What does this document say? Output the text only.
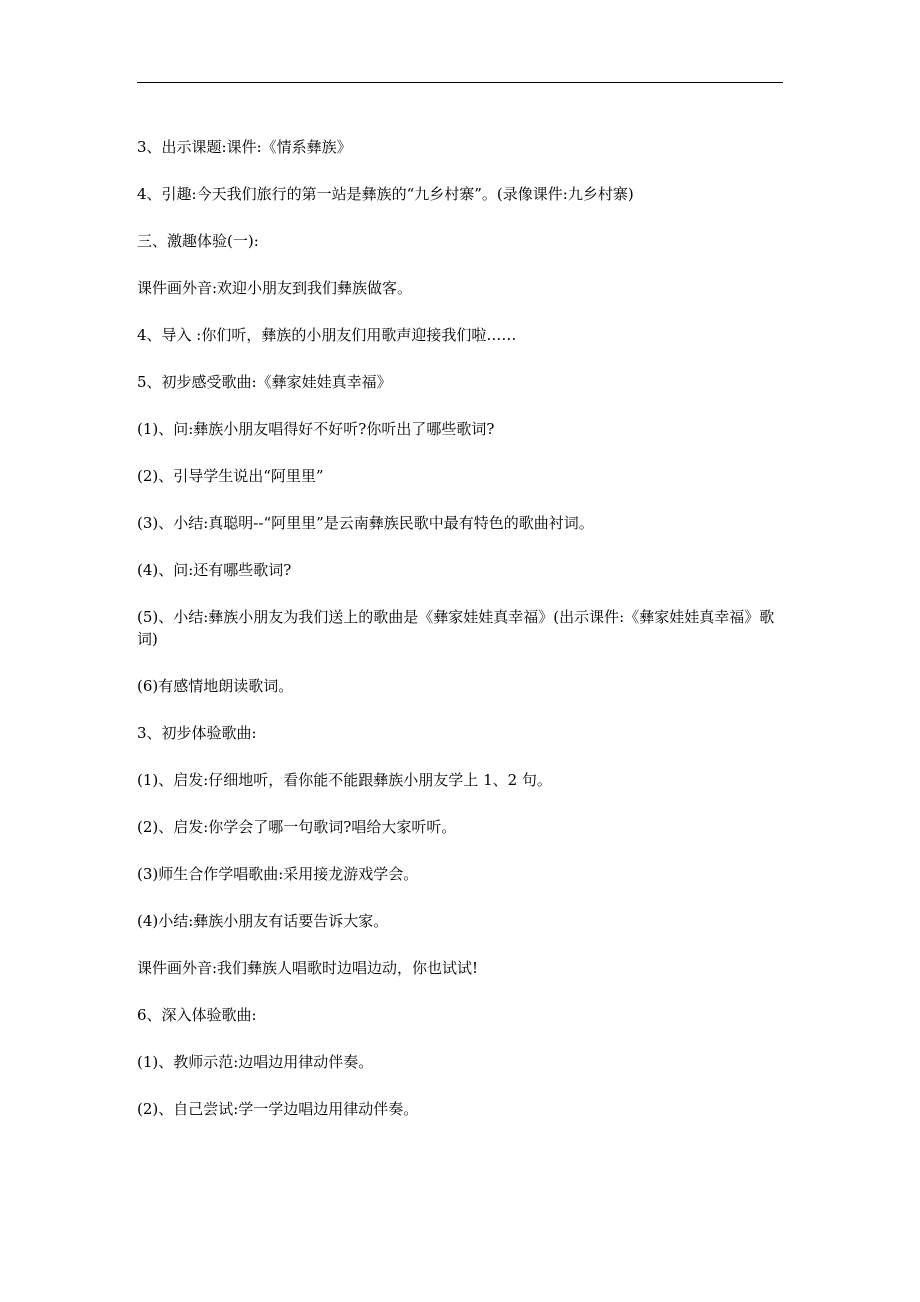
3、出示课题:课件:《情系彝族》

4、引趣:今天我们旅行的第一站是彝族的“九乡村寨”。(录像课件:九乡村寨)

三、激趣体验(一):

课件画外音:欢迎小朋友到我们彝族做客。

4、导入 :你们听，彝族的小朋友们用歌声迎接我们啦……

5、初步感受歌曲:《彝家娃娃真幸福》

(1)、问:彝族小朋友唱得好不好听?你听出了哪些歌词?

(2)、引导学生说出“阿里里”

(3)、小结:真聪明--“阿里里”是云南彝族民歌中最有特色的歌曲衬词。

(4)、问:还有哪些歌词?

(5)、小结:彝族小朋友为我们送上的歌曲是《彝家娃娃真幸福》(出示课件:《彝家娃娃真幸福》歌词)

(6)有感情地朗读歌词。

3、初步体验歌曲:

(1)、启发:仔细地听，看你能不能跟彝族小朋友学上 1、2 句。

(2)、启发:你学会了哪一句歌词?唱给大家听听。

(3)师生合作学唱歌曲:采用接龙游戏学会。

(4)小结:彝族小朋友有话要告诉大家。

课件画外音:我们彝族人唱歌时边唱边动，你也试试!

6、深入体验歌曲:

(1)、教师示范:边唱边用律动伴奏。

(2)、自己尝试:学一学边唱边用律动伴奏。
